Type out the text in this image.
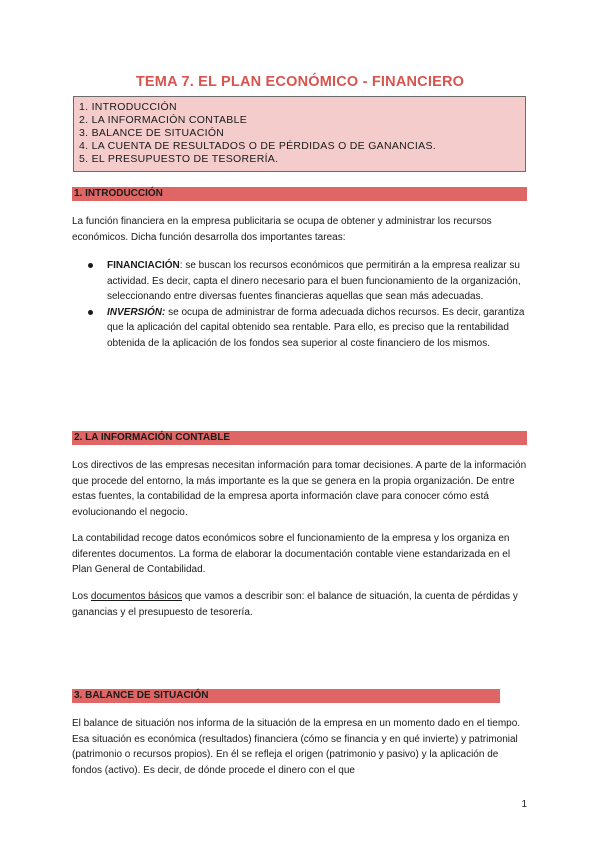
TEMA 7. EL PLAN ECONÓMICO - FINANCIERO
1. INTRODUCCIÓN
2. LA INFORMACIÓN CONTABLE
3. BALANCE DE SITUACIÓN
4. LA CUENTA DE RESULTADOS O DE PÉRDIDAS O DE GANANCIAS.
5. EL PRESUPUESTO DE TESORERÍA.
1. INTRODUCCIÓN
La función financiera en la empresa publicitaria se ocupa de obtener y administrar los recursos económicos. Dicha función desarrolla dos importantes tareas:
FINANCIACIÓN: se buscan los recursos económicos que permitirán a la empresa realizar su actividad. Es decir, capta el dinero necesario para el buen funcionamiento de la organización, seleccionando entre diversas fuentes financieras aquellas que sean más adecuadas.
INVERSIÓN: se ocupa de administrar de forma adecuada dichos recursos. Es decir, garantiza que la aplicación del capital obtenido sea rentable. Para ello, es preciso que la rentabilidad obtenida de la aplicación de los fondos sea superior al coste financiero de los mismos.
2. LA INFORMACIÓN CONTABLE
Los directivos de las empresas necesitan información para tomar decisiones. A parte de la información que procede del entorno, la más importante es la que se genera en la propia organización. De entre estas fuentes, la contabilidad de la empresa aporta información clave para conocer cómo está evolucionando el negocio.
La contabilidad recoge datos económicos sobre el funcionamiento de la empresa y los organiza en diferentes documentos. La forma de elaborar la documentación contable viene estandarizada en el Plan General de Contabilidad.
Los documentos básicos que vamos a describir son: el balance de situación, la cuenta de pérdidas y ganancias y el presupuesto de tesorería.
3. BALANCE DE SITUACIÓN
El balance de situación nos informa de la situación de la empresa en un momento dado en el tiempo. Esa situación es económica (resultados) financiera (cómo se financia y en qué invierte) y patrimonial (patrimonio o recursos propios). En él se refleja el origen (patrimonio y pasivo) y la aplicación de fondos (activo). Es decir, de dónde procede el dinero con el que
1
